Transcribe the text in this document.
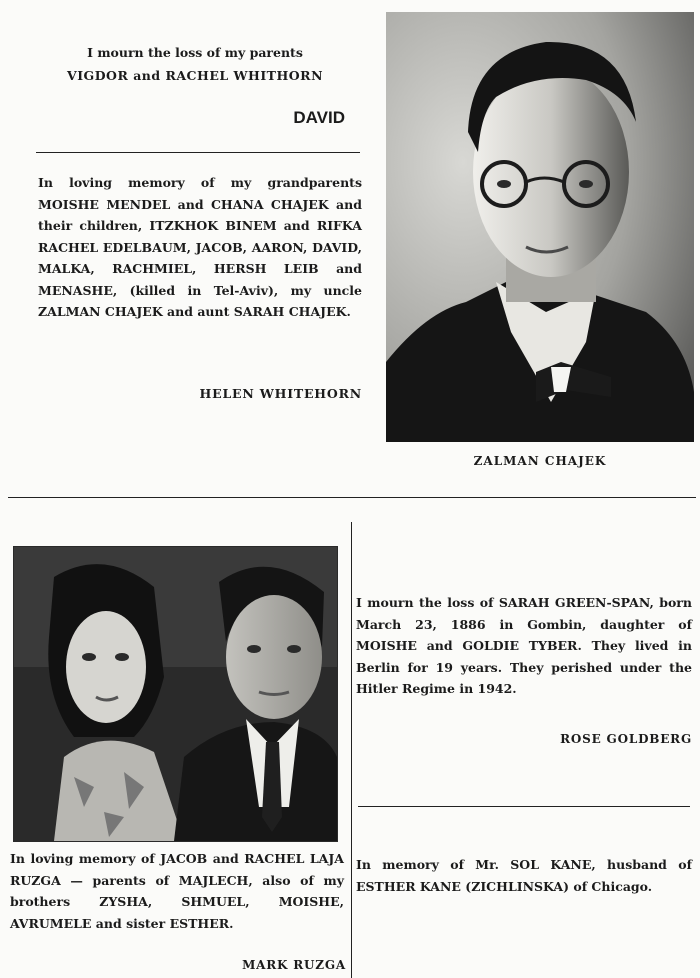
I mourn the loss of my parents

VIGDOR and RACHEL WHITHORN

DAVID

In loving memory of my grandparents MOISHE MENDEL and CHANA CHAJEK and their children, ITZKHOK BINEM and RIFKA RACHEL EDELBAUM, JACOB, AARON, DAVID, MALKA, RACHMIEL, HERSH LEIB and MENASHE, (killed in Tel-Aviv), my uncle ZALMAN CHAJEK and aunt SARAH CHAJEK.

HELEN WHITEHORN
ZALMAN CHAJEK

In loving memory of JACOB and RACHEL LAJA RUZGA — parents of MAJLECH, also of my brothers ZYSHA, SHMUEL, MOISHE, AVRUMELE and sister ESTHER.

MARK RUZGA

I mourn the loss of SARAH GREEN-SPAN, born March 23, 1886 in Gombin, daughter of MOISHE and GOLDIE TYBER. They lived in Berlin for 19 years. They perished under the Hitler Regime in 1942.

ROSE GOLDBERG

In memory of Mr. SOL KANE, husband of ESTHER KANE (ZICHLINSKA) of Chicago.
